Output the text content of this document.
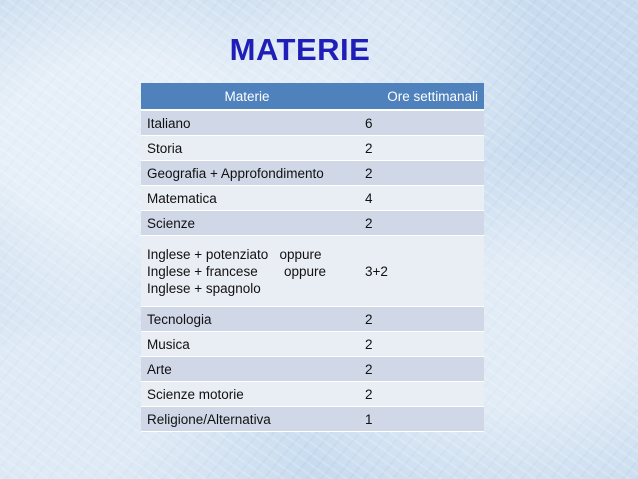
MATERIE
Materie	Ore settimanali
Italiano	6
Storia	2
Geografia + Approfondimento	2
Matematica	4
Scienze	2

Inglese + potenziato   oppure
Inglese + francese       oppure
Inglese + spagnolo	3+2
Tecnologia	2
Musica	2
Arte	2
Scienze motorie	2
Religione/Alternativa	1
